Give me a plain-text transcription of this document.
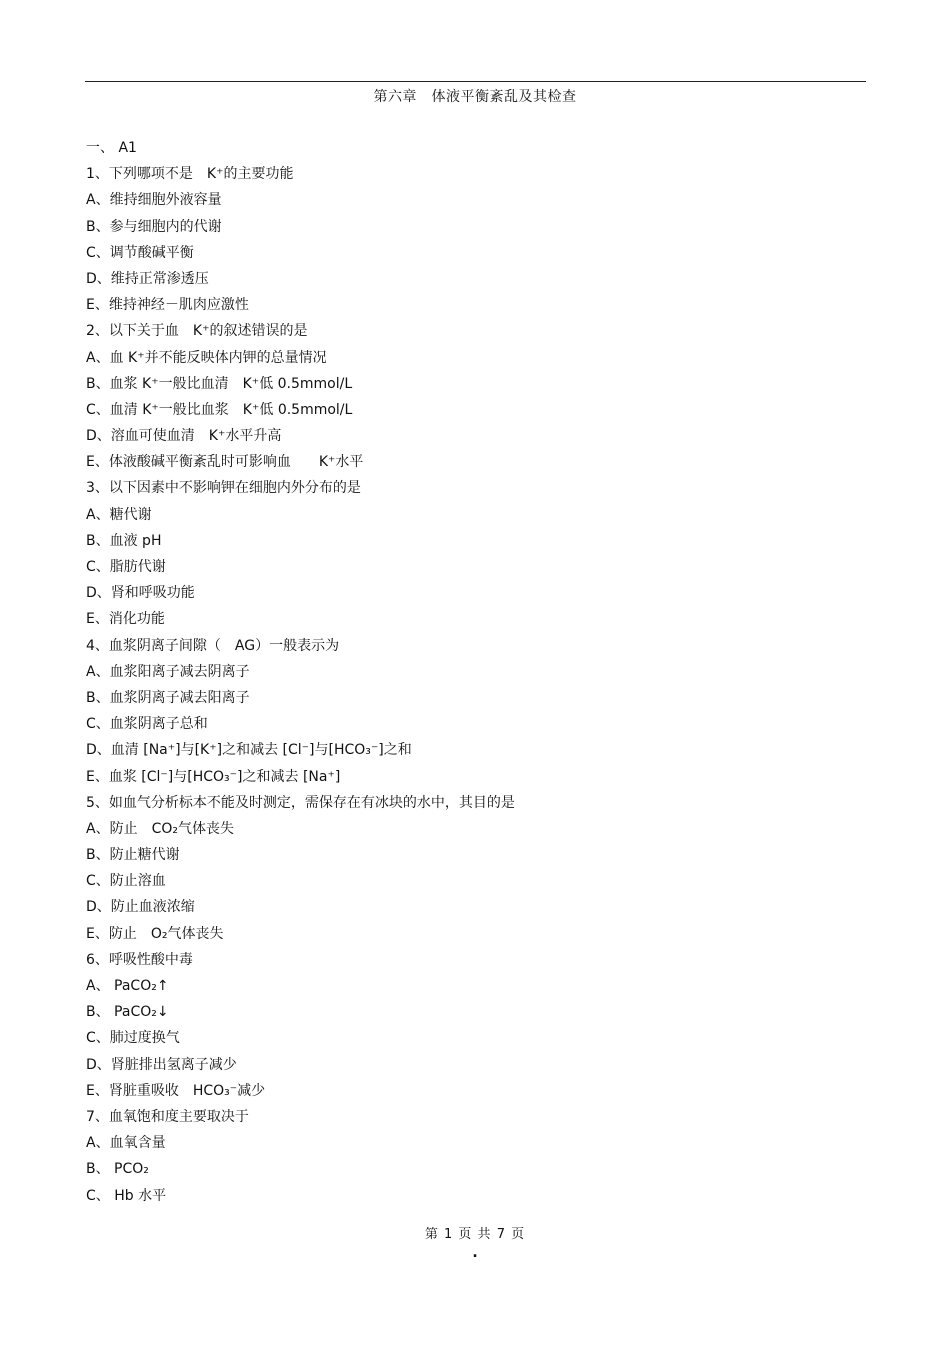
第六章　体液平衡紊乱及其检查
一、 A1
1、下列哪项不是　K⁺的主要功能
A、维持细胞外液容量
B、参与细胞内的代谢
C、调节酸碱平衡
D、维持正常渗透压
E、维持神经－肌肉应激性
2、以下关于血　K⁺的叙述错误的是
A、血 K⁺并不能反映体内钾的总量情况
B、血浆 K⁺一般比血清　K⁺低 0.5mmol/L
C、血清 K⁺一般比血浆　K⁺低 0.5mmol/L
D、溶血可使血清　K⁺水平升高
E、体液酸碱平衡紊乱时可影响血　　K⁺水平
3、以下因素中不影响钾在细胞内外分布的是
A、糖代谢
B、血液 pH
C、脂肪代谢
D、肾和呼吸功能
E、消化功能
4、血浆阴离子间隙（　AG）一般表示为
A、血浆阳离子减去阴离子
B、血浆阴离子减去阳离子
C、血浆阴离子总和
D、血清 [Na⁺]与[K⁺]之和减去 [Cl⁻]与[HCO₃⁻]之和
E、血浆 [Cl⁻]与[HCO₃⁻]之和减去 [Na⁺]
5、如血气分析标本不能及时测定，需保存在有冰块的水中，其目的是
A、防止　CO₂气体丧失
B、防止糖代谢
C、防止溶血
D、防止血液浓缩
E、防止　O₂气体丧失
6、呼吸性酸中毒
A、 PaCO₂↑
B、 PaCO₂↓
C、肺过度换气
D、肾脏排出氢离子减少
E、肾脏重吸收　HCO₃⁻减少
7、血氧饱和度主要取决于
A、血氧含量
B、 PCO₂
C、 Hb 水平
第 1 页 共 7 页
.
